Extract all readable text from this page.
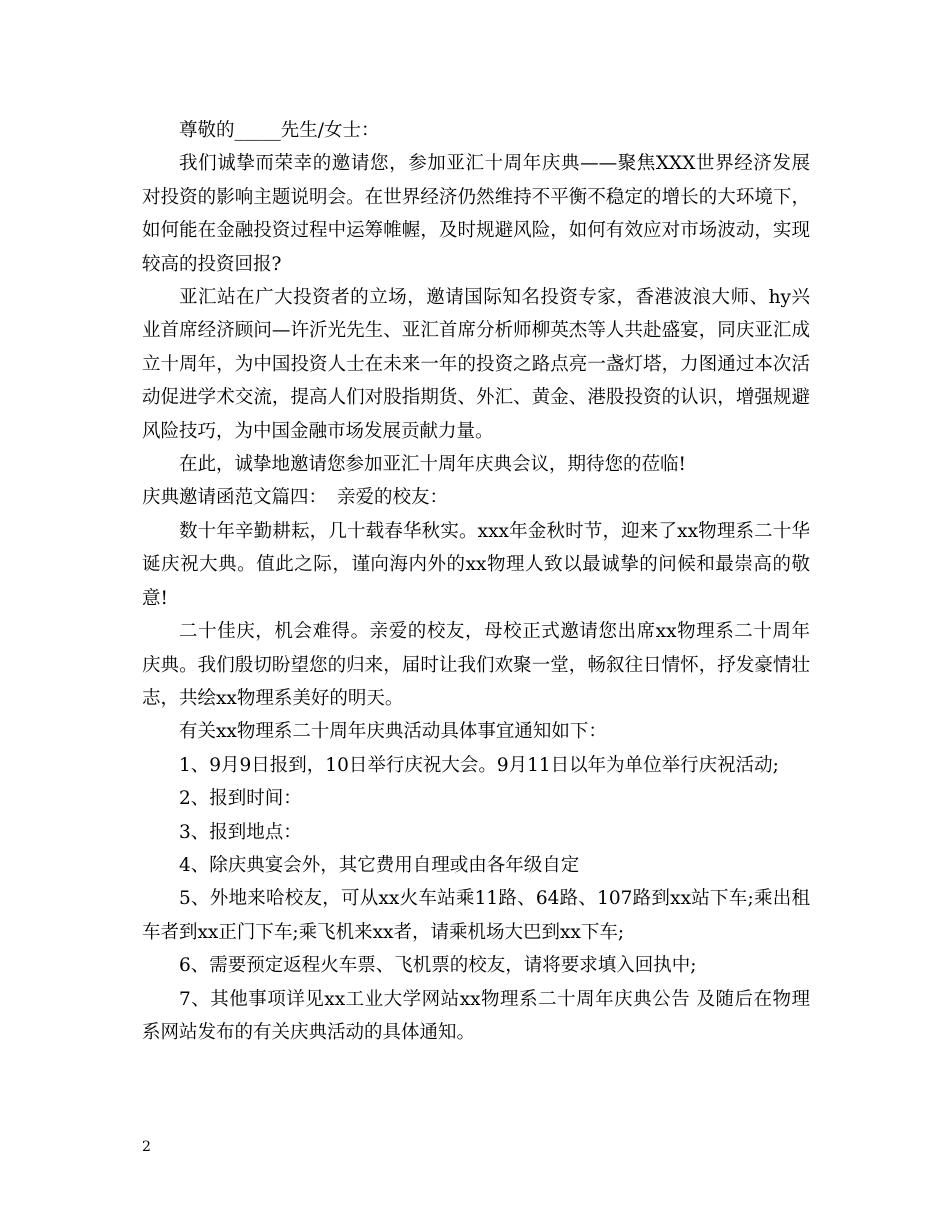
尊敬的_____先生/女士：

我们诚挚而荣幸的邀请您，参加亚汇十周年庆典——聚焦XXX世界经济发展对投资的影响主题说明会。在世界经济仍然维持不平衡不稳定的增长的大环境下，如何能在金融投资过程中运筹帷幄，及时规避风险，如何有效应对市场波动，实现较高的投资回报?

亚汇站在广大投资者的立场，邀请国际知名投资专家，香港波浪大师、hy兴业首席经济顾问—许沂光先生、亚汇首席分析师柳英杰等人共赴盛宴，同庆亚汇成立十周年，为中国投资人士在未来一年的投资之路点亮一盏灯塔，力图通过本次活动促进学术交流，提高人们对股指期货、外汇、黄金、港股投资的认识，增强规避风险技巧，为中国金融市场发展贡献力量。

在此，诚挚地邀请您参加亚汇十周年庆典会议，期待您的莅临!

庆典邀请函范文篇四： 亲爱的校友：

数十年辛勤耕耘，几十载春华秋实。xxx年金秋时节，迎来了xx物理系二十华诞庆祝大典。值此之际，谨向海内外的xx物理人致以最诚挚的问候和最崇高的敬意!

二十佳庆，机会难得。亲爱的校友，母校正式邀请您出席xx物理系二十周年庆典。我们殷切盼望您的归来，届时让我们欢聚一堂，畅叙往日情怀，抒发豪情壮志，共绘xx物理系美好的明天。

有关xx物理系二十周年庆典活动具体事宜通知如下：

1、9月9日报到，10日举行庆祝大会。9月11日以年为单位举行庆祝活动;

2、报到时间：

3、报到地点：

4、除庆典宴会外，其它费用自理或由各年级自定

5、外地来哈校友，可从xx火车站乘11路、64路、107路到xx站下车;乘出租车者到xx正门下车;乘飞机来xx者，请乘机场大巴到xx下车;

6、需要预定返程火车票、飞机票的校友，请将要求填入回执中;

7、其他事项详见xx工业大学网站xx物理系二十周年庆典公告 及随后在物理系网站发布的有关庆典活动的具体通知。

2
